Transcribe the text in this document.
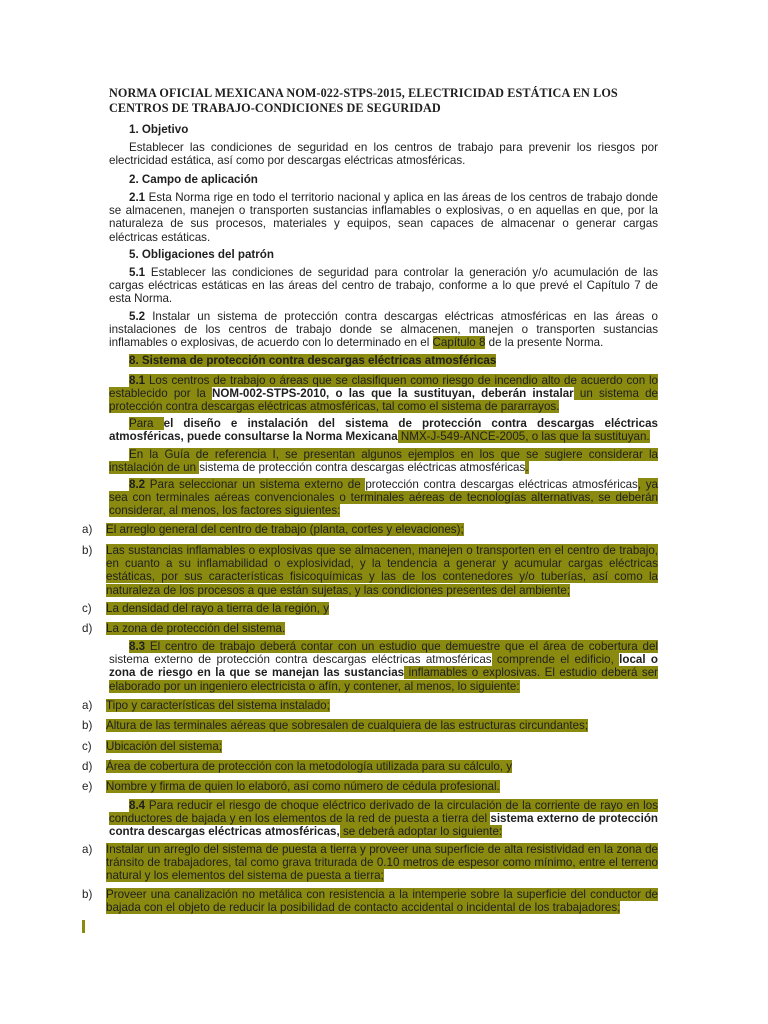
NORMA OFICIAL MEXICANA NOM-022-STPS-2015, ELECTRICIDAD ESTÁTICA EN LOS CENTROS DE TRABAJO-CONDICIONES DE SEGURIDAD

1. Objetivo

Establecer las condiciones de seguridad en los centros de trabajo para prevenir los riesgos por electricidad estática, así como por descargas eléctricas atmosféricas.

2. Campo de aplicación

2.1 Esta Norma rige en todo el territorio nacional y aplica en las áreas de los centros de trabajo donde se almacenen, manejen o transporten sustancias inflamables o explosivas, o en aquellas en que, por la naturaleza de sus procesos, materiales y equipos, sean capaces de almacenar o generar cargas eléctricas estáticas.

5. Obligaciones del patrón

5.1 Establecer las condiciones de seguridad para controlar la generación y/o acumulación de las cargas eléctricas estáticas en las áreas del centro de trabajo, conforme a lo que prevé el Capítulo 7 de esta Norma.

5.2 Instalar un sistema de protección contra descargas eléctricas atmosféricas en las áreas o instalaciones de los centros de trabajo donde se almacenen, manejen o transporten sustancias inflamables o explosivas, de acuerdo con lo determinado en el Capítulo 8 de la presente Norma.

8. Sistema de protección contra descargas eléctricas atmosféricas

8.1 Los centros de trabajo o áreas que se clasifiquen como riesgo de incendio alto de acuerdo con lo establecido por la NOM-002-STPS-2010, o las que la sustituyan, deberán instalar un sistema de protección contra descargas eléctricas atmosféricas, tal como el sistema de pararrayos.

Para el diseño e instalación del sistema de protección contra descargas eléctricas atmosféricas, puede consultarse la Norma Mexicana NMX-J-549-ANCE-2005, o las que la sustituyan.

En la Guía de referencia I, se presentan algunos ejemplos en los que se sugiere considerar la instalación de un sistema de protección contra descargas eléctricas atmosféricas.

8.2 Para seleccionar un sistema externo de protección contra descargas eléctricas atmosféricas, ya sea con terminales aéreas convencionales o terminales aéreas de tecnologías alternativas, se deberán considerar, al menos, los factores siguientes:

a) El arreglo general del centro de trabajo (planta, cortes y elevaciones);
b) Las sustancias inflamables o explosivas que se almacenen, manejen o transporten en el centro de trabajo, en cuanto a su inflamabilidad o explosividad, y la tendencia a generar y acumular cargas eléctricas estáticas, por sus características fisicoquímicas y las de los contenedores y/o tuberías, así como la naturaleza de los procesos a que están sujetas, y las condiciones presentes del ambiente;
c) La densidad del rayo a tierra de la región, y
d) La zona de protección del sistema.

8.3 El centro de trabajo deberá contar con un estudio que demuestre que el área de cobertura del sistema externo de protección contra descargas eléctricas atmosféricas comprende el edificio, local o zona de riesgo en la que se manejan las sustancias inflamables o explosivas. El estudio deberá ser elaborado por un ingeniero electricista o afín, y contener, al menos, lo siguiente:

a) Tipo y características del sistema instalado;
b) Altura de las terminales aéreas que sobresalen de cualquiera de las estructuras circundantes;
c) Ubicación del sistema;
d) Área de cobertura de protección con la metodología utilizada para su cálculo, y
e) Nombre y firma de quien lo elaboró, así como número de cédula profesional.

8.4 Para reducir el riesgo de choque eléctrico derivado de la circulación de la corriente de rayo en los conductores de bajada y en los elementos de la red de puesta a tierra del sistema externo de protección contra descargas eléctricas atmosféricas, se deberá adoptar lo siguiente:

a) Instalar un arreglo del sistema de puesta a tierra y proveer una superficie de alta resistividad en la zona de tránsito de trabajadores, tal como grava triturada de 0.10 metros de espesor como mínimo, entre el terreno natural y los elementos del sistema de puesta a tierra;
b) Proveer una canalización no metálica con resistencia a la intemperie sobre la superficie del conductor de bajada con el objeto de reducir la posibilidad de contacto accidental o incidental de los trabajadores;
